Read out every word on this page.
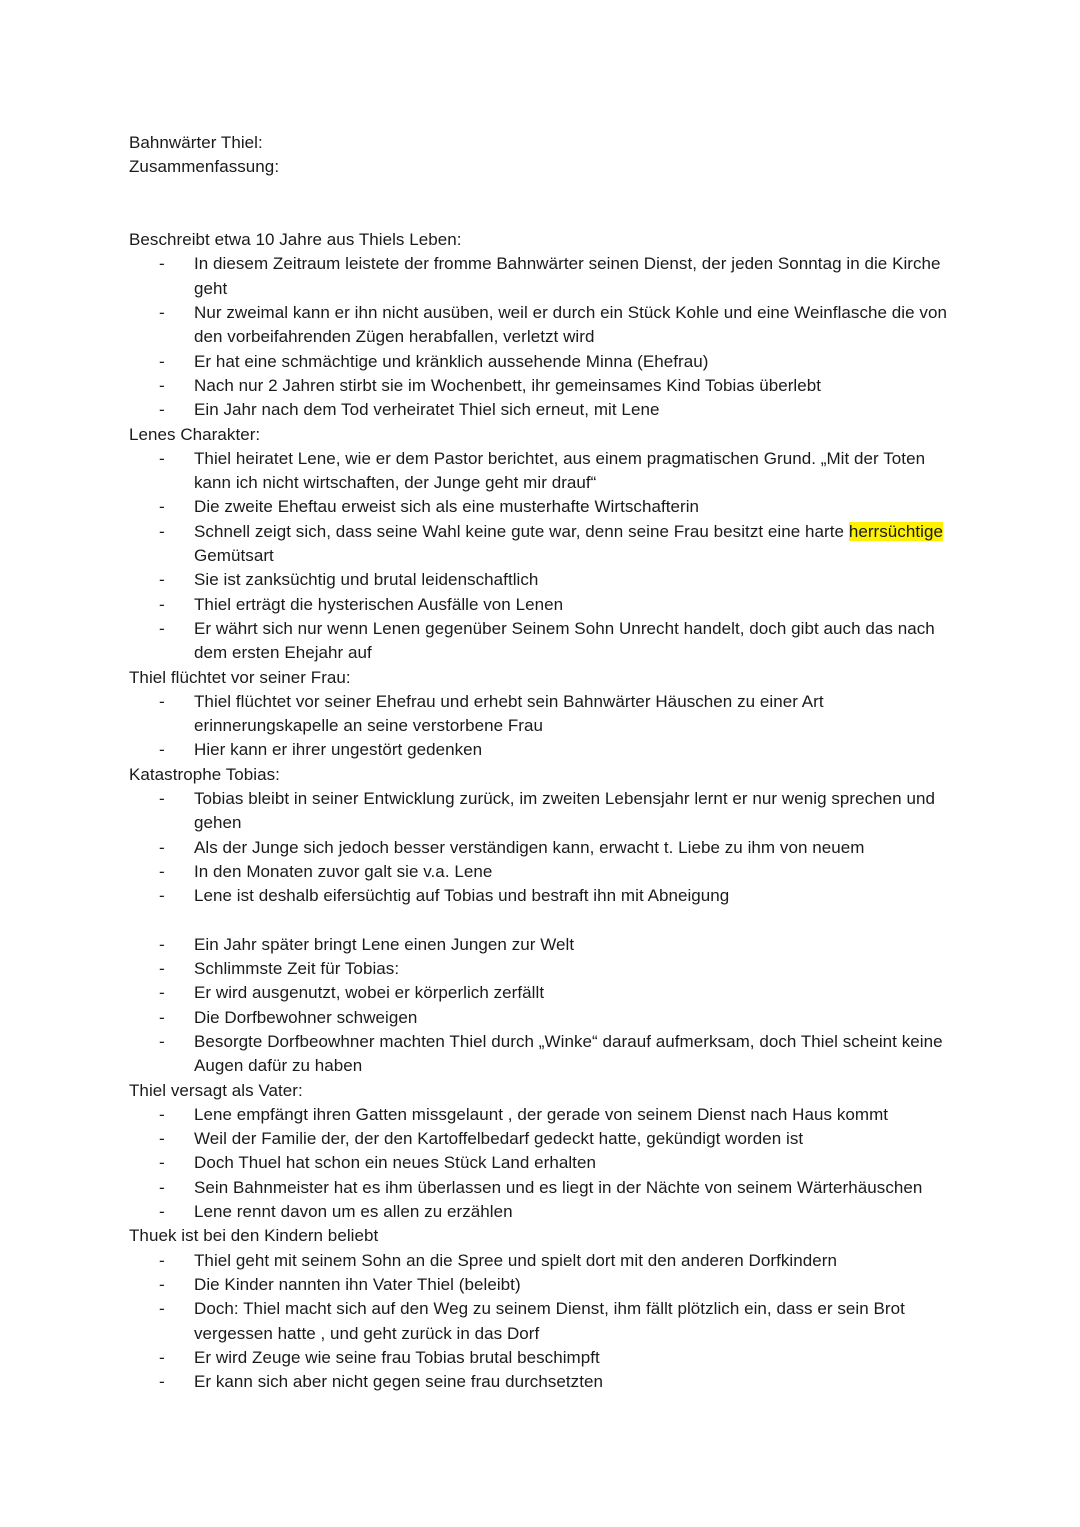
Bahnwärter Thiel:

Zusammenfassung:

Beschreibt etwa 10 Jahre aus Thiels Leben:

- In diesem Zeitraum leistete der fromme Bahnwärter seinen Dienst, der jeden Sonntag in die Kirche geht
- Nur zweimal kann er ihn nicht ausüben, weil er durch ein Stück Kohle und eine Weinflasche die von den vorbeifahrenden Zügen herabfallen, verletzt wird
- Er hat eine schmächtige und kränklich aussehende Minna (Ehefrau)
- Nach nur 2 Jahren stirbt sie im Wochenbett, ihr gemeinsames Kind Tobias überlebt
- Ein Jahr nach dem Tod verheiratet Thiel sich erneut, mit Lene

Lenes Charakter:

- Thiel heiratet Lene, wie er dem Pastor berichtet, aus einem pragmatischen Grund. „Mit der Toten kann ich nicht wirtschaften, der Junge geht mir drauf“
- Die zweite Eheftau erweist sich als eine musterhafte Wirtschafterin
- Schnell zeigt sich, dass seine Wahl keine gute war, denn seine Frau besitzt eine harte herrsüchtige Gemütsart
- Sie ist zanksüchtig und brutal leidenschaftlich
- Thiel erträgt die hysterischen Ausfälle von Lenen
- Er währt sich nur wenn Lenen gegenüber Seinem Sohn Unrecht handelt, doch gibt auch das nach dem ersten Ehejahr auf

Thiel flüchtet vor seiner Frau:

- Thiel flüchtet vor seiner Ehefrau und erhebt sein Bahnwärter Häuschen zu einer Art erinnerungskapelle an seine verstorbene Frau
- Hier kann er ihrer ungestört gedenken

Katastrophe Tobias:

- Tobias bleibt in seiner Entwicklung zurück, im zweiten Lebensjahr lernt er nur wenig sprechen und gehen
- Als der Junge sich jedoch besser verständigen kann, erwacht t. Liebe zu ihm von neuem
- In den Monaten zuvor galt sie v.a. Lene
- Lene ist deshalb eifersüchtig auf Tobias und bestraft ihn mit Abneigung
- Ein Jahr später bringt Lene einen Jungen zur Welt
- Schlimmste Zeit für Tobias:
- Er wird ausgenutzt, wobei er körperlich zerfällt
- Die Dorfbewohner schweigen
- Besorgte Dorfbeowhner machten Thiel durch „Winke“ darauf aufmerksam, doch Thiel scheint keine Augen dafür zu haben

Thiel versagt als Vater:

- Lene empfängt ihren Gatten missgelaunt , der gerade von seinem Dienst nach Haus kommt
- Weil der Familie der, der den Kartoffelbedarf gedeckt hatte, gekündigt worden ist
- Doch Thuel hat schon ein neues Stück Land erhalten
- Sein Bahnmeister hat es ihm überlassen und es liegt in der Nächte von seinem Wärterhäuschen
- Lene rennt davon um es allen zu erzählen

Thuek ist bei den Kindern beliebt

- Thiel geht mit seinem Sohn an die Spree und spielt dort mit den anderen Dorfkindern
- Die Kinder nannten ihn Vater Thiel (beleibt)
- Doch: Thiel macht sich auf den Weg zu seinem Dienst, ihm fällt plötzlich ein, dass er sein Brot vergessen hatte , und geht zurück in das Dorf
- Er wird Zeuge wie seine frau Tobias brutal beschimpft
- Er kann sich aber nicht gegen seine frau durchsetzten
